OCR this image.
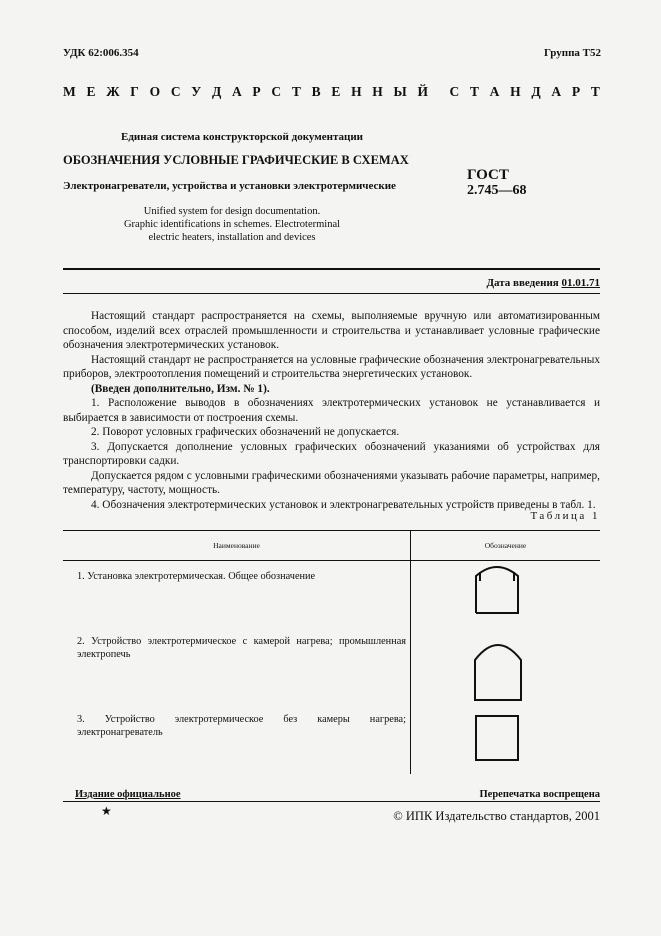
УДК 62:006.354	Группа Т52
М Е Ж Г О С У Д А Р С Т В Е Н Н Ы Й С Т А Н Д А Р Т
Единая система конструкторской документации
ОБОЗНАЧЕНИЯ УСЛОВНЫЕ ГРАФИЧЕСКИЕ В СХЕМАХ
Электронагреватели, устройства и установки электротермические
ГОСТ
2.745—68
Unified system for design documentation.
Graphic identifications in schemes. Electroterminal
electric heaters, installation and devices
Дата введения 01.01.71

Настоящий стандарт распространяется на схемы, выполняемые вручную или автоматизированным способом, изделий всех отраслей промышленности и строительства и устанавливает условные графические обозначения электротермических установок.

Настоящий стандарт не распространяется на условные графические обозначения электронагревательных приборов, электроотопления помещений и строительства энергетических установок.

(Введен дополнительно, Изм. № 1).

1. Расположение выводов в обозначениях электротермических установок не устанавливается и выбирается в зависимости от построения схемы.

2. Поворот условных графических обозначений не допускается.

3. Допускается дополнение условных графических обозначений указаниями об устройствах для транспортировки садки.

Допускается рядом с условными графическими обозначениями указывать рабочие параметры, например, температуру, частоту, мощность.

4. Обозначения электротермических установок и электронагревательных устройств приведены в табл. 1.

Таблица 1
Наименование	Обозначение
1. Установка электротермическая. Общее обозначение
2. Устройство электротермическое с камерой нагрева; промышленная электропечь
3. Устройство электротермическое без камеры нагрева; электронагреватель
Издание официальное	Перепечатка воспрещена
★	© ИПК Издательство стандартов, 2001
